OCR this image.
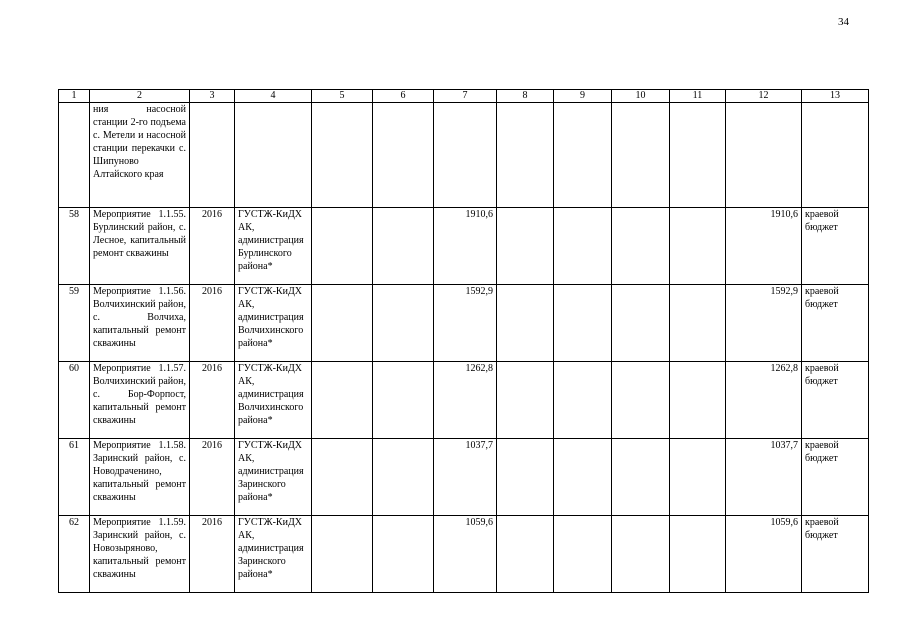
34
1	2	3	4	5	6	7	8	9	10	11	12	13
	ния насосной станции 2-го подъема с. Метели и насосной станции перекачки с. Шипуново Алтайского края											
58	Мероприятие 1.1.55. Бурлинский район, с. Лесное, капитальный ремонт скважины	2016	ГУСТЖ-КиДХ АК, администрация Бурлинского района*			1910,6					1910,6	краевой бюджет
59	Мероприятие 1.1.56. Волчихинский район, с. Волчиха, капитальный ремонт скважины	2016	ГУСТЖ-КиДХ АК, администрация Волчихинского района*			1592,9					1592,9	краевой бюджет
60	Мероприятие 1.1.57. Волчихинский район, с. Бор-Форпост, капитальный ремонт скважины	2016	ГУСТЖ-КиДХ АК, администрация Волчихинского района*			1262,8					1262,8	краевой бюджет
61	Мероприятие 1.1.58. Заринский район, с. Новодраченино, капитальный ремонт скважины	2016	ГУСТЖ-КиДХ АК, администрация Заринского района*			1037,7					1037,7	краевой бюджет
62	Мероприятие 1.1.59. Заринский район, с. Новозыряново, капитальный ремонт скважины	2016	ГУСТЖ-КиДХ АК, администрация Заринского района*			1059,6					1059,6	краевой бюджет
